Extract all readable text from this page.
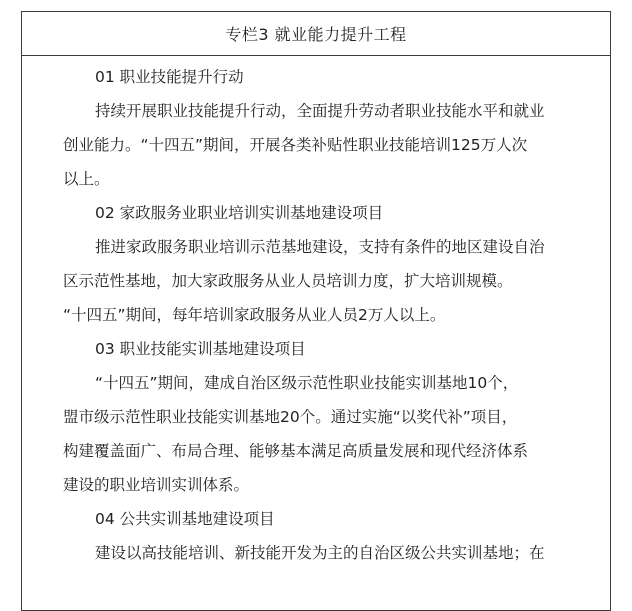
专栏3 就业能力提升工程
01 职业技能提升行动
持续开展职业技能提升行动，全面提升劳动者职业技能水平和就业
创业能力。“十四五”期间，开展各类补贴性职业技能培训125万人次
以上。
02 家政服务业职业培训实训基地建设项目
推进家政服务职业培训示范基地建设，支持有条件的地区建设自治
区示范性基地，加大家政服务从业人员培训力度，扩大培训规模。
“十四五”期间，每年培训家政服务从业人员2万人以上。
03 职业技能实训基地建设项目
“十四五”期间，建成自治区级示范性职业技能实训基地10个，
盟市级示范性职业技能实训基地20个。通过实施“以奖代补”项目，
构建覆盖面广、布局合理、能够基本满足高质量发展和现代经济体系
建设的职业培训实训体系。
04 公共实训基地建设项目
建设以高技能培训、新技能开发为主的自治区级公共实训基地；在
